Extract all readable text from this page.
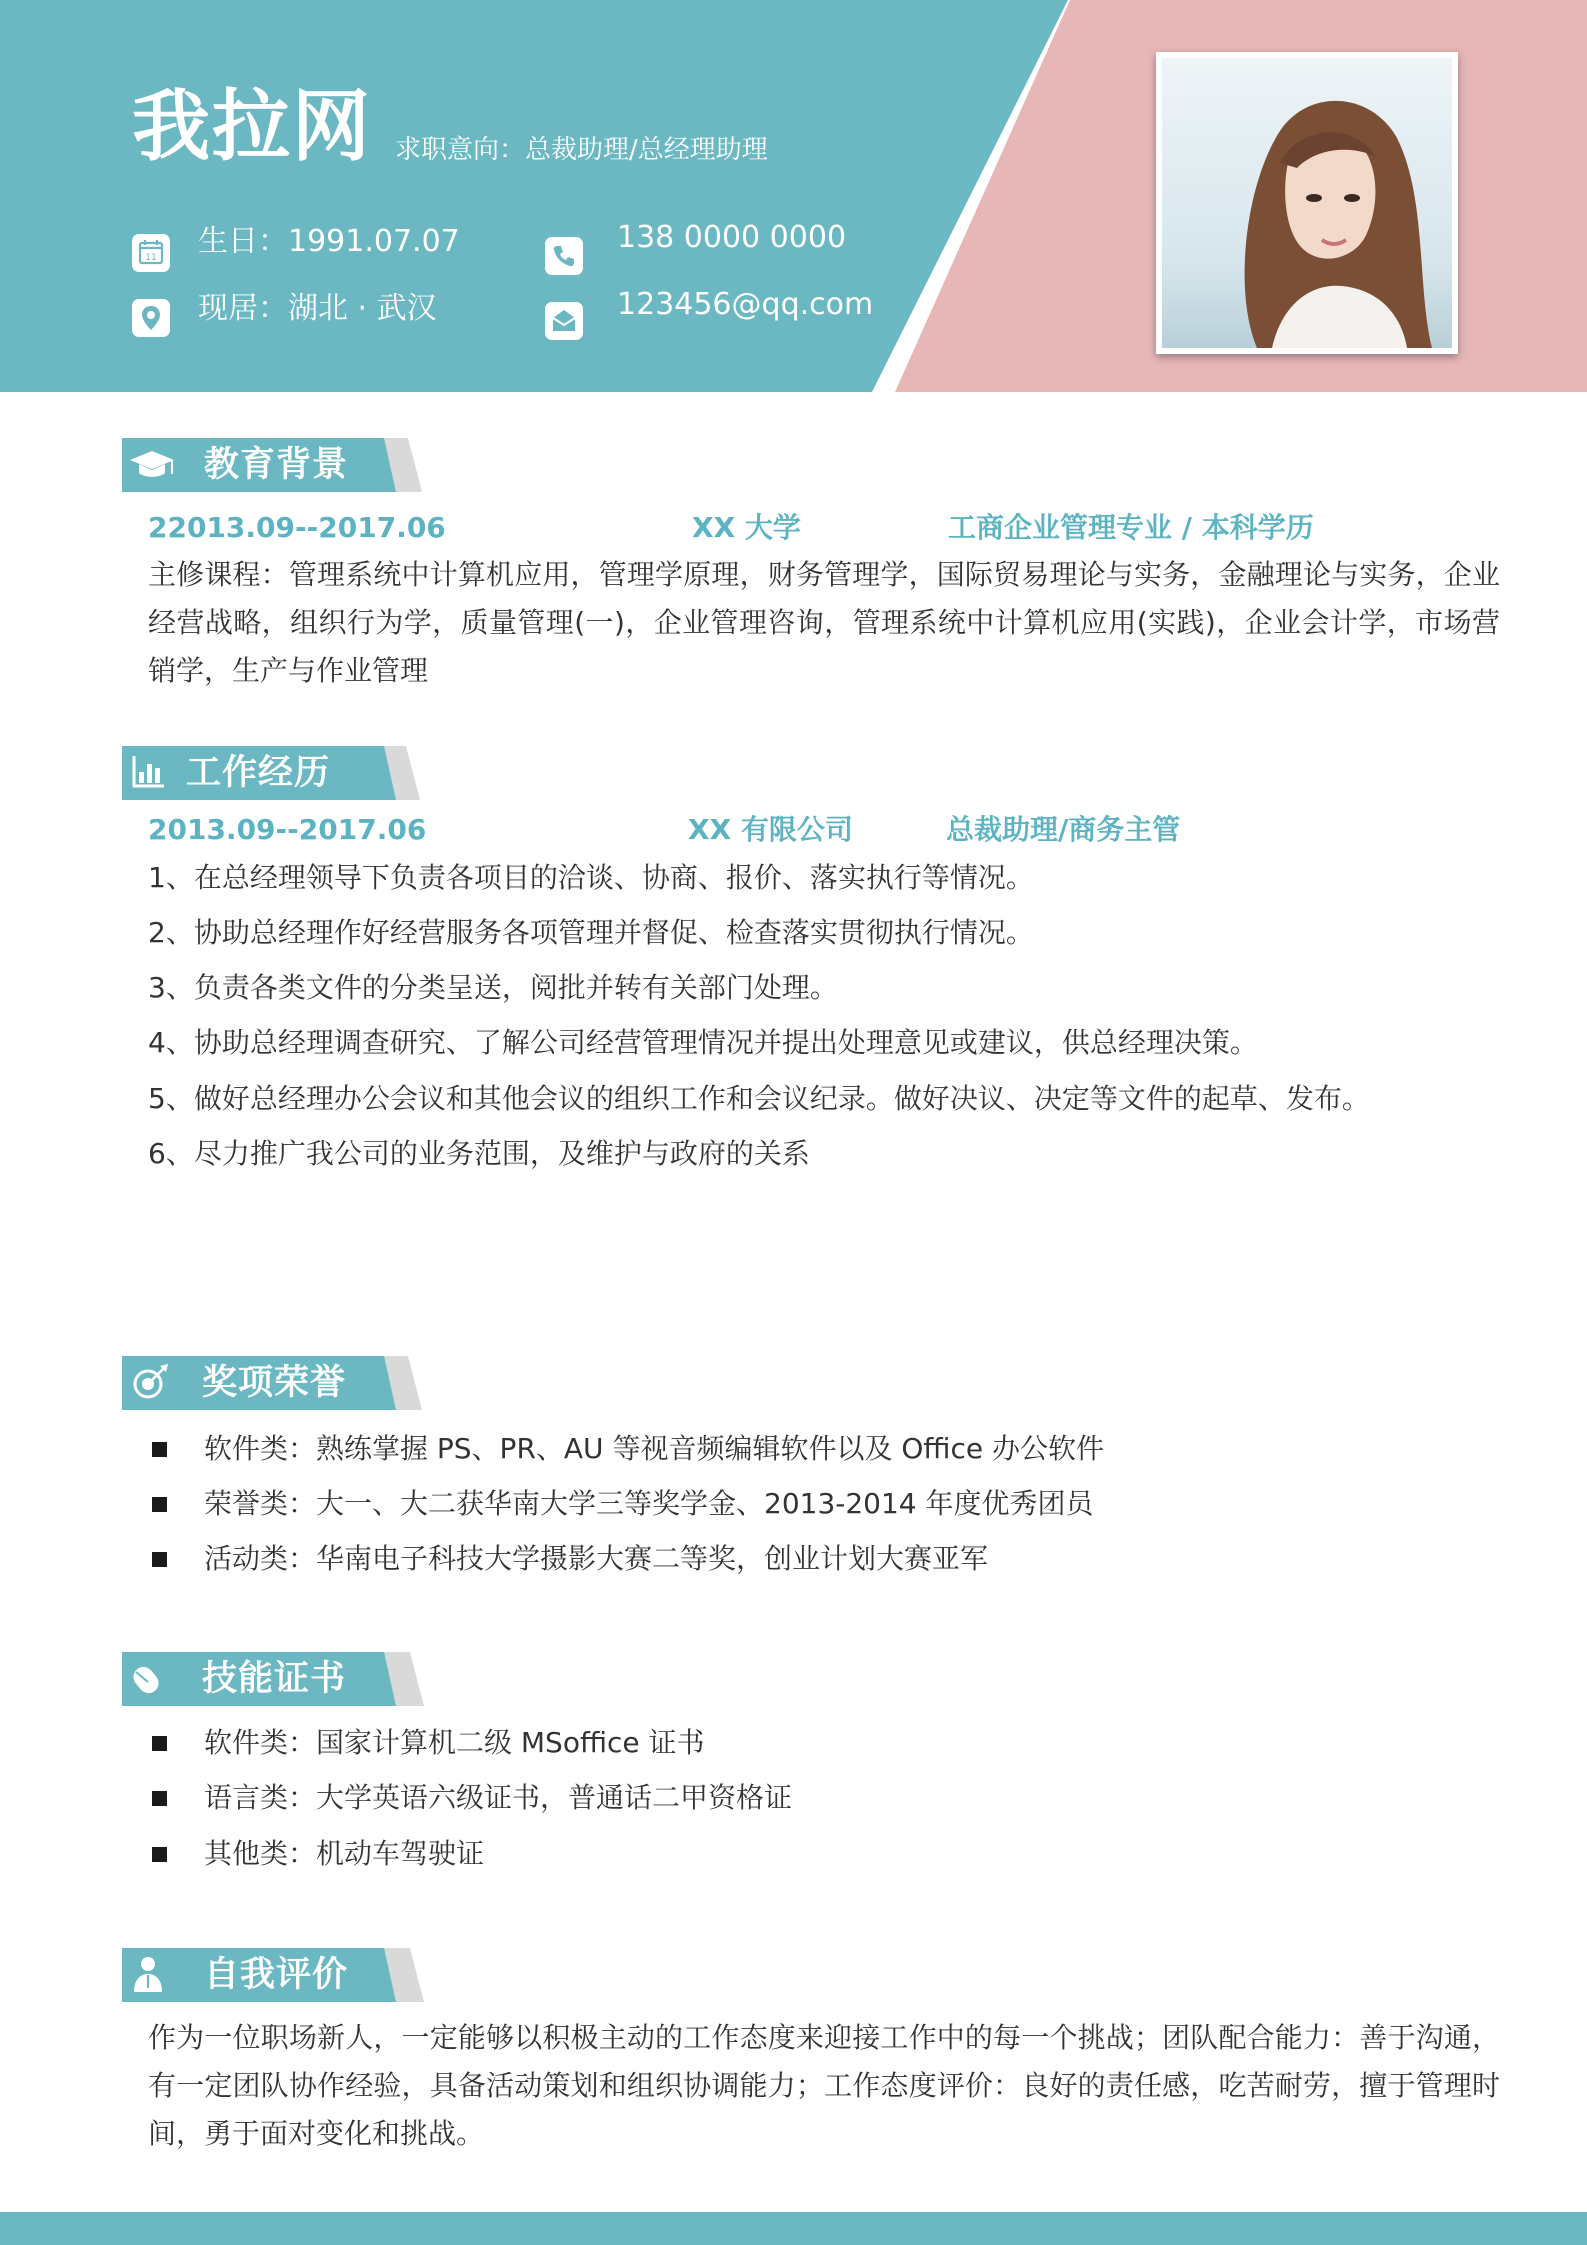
我拉网 求职意向：总裁助理/总经理助理
11 生日：1991.07.07
现居：湖北 · 武汉
138 0000 0000
123456@qq.com
教育背景
22013.09--2017.06	XX 大学	工商企业管理专业 / 本科学历
主修课程：管理系统中计算机应用，管理学原理，财务管理学，国际贸易理论与实务，金融理论与实务，企业经营战略，组织行为学，质量管理(一)，企业管理咨询，管理系统中计算机应用(实践)，企业会计学，市场营销学，生产与作业管理
工作经历
2013.09--2017.06	XX 有限公司	总裁助理/商务主管
1、在总经理领导下负责各项目的洽谈、协商、报价、落实执行等情况。
2、协助总经理作好经营服务各项管理并督促、检查落实贯彻执行情况。
3、负责各类文件的分类呈送，阅批并转有关部门处理。
4、协助总经理调查研究、了解公司经营管理情况并提出处理意见或建议，供总经理决策。
5、做好总经理办公会议和其他会议的组织工作和会议纪录。做好决议、决定等文件的起草、发布。
6、尽力推广我公司的业务范围，及维护与政府的关系
奖项荣誉
软件类：熟练掌握 PS、PR、AU 等视音频编辑软件以及 Office 办公软件
荣誉类：大一、大二获华南大学三等奖学金、2013-2014 年度优秀团员
活动类：华南电子科技大学摄影大赛二等奖，创业计划大赛亚军
技能证书
软件类：国家计算机二级 MSoffice 证书
语言类：大学英语六级证书，普通话二甲资格证
其他类：机动车驾驶证
自我评价
作为一位职场新人，一定能够以积极主动的工作态度来迎接工作中的每一个挑战；团队配合能力：善于沟通，有一定团队协作经验，具备活动策划和组织协调能力；工作态度评价：良好的责任感，吃苦耐劳，擅于管理时间，勇于面对变化和挑战。
